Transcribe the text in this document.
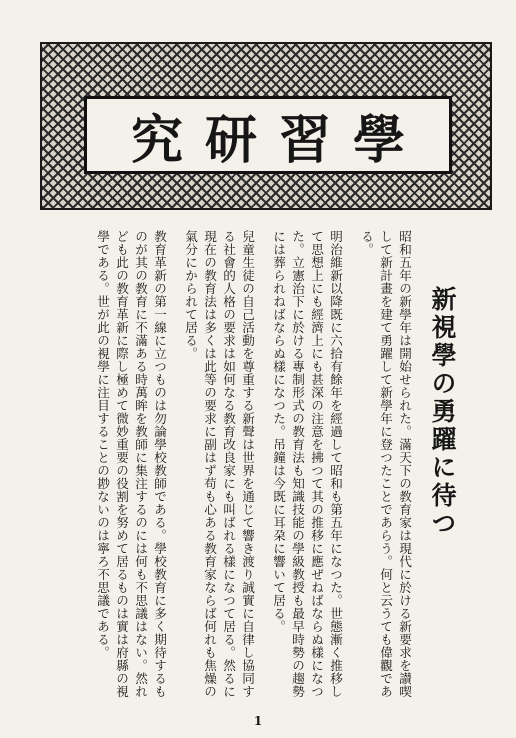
究研習學
新視學の勇躍に待つ

昭和五年の新學年は開始せられた。滿天下の教育家は現代に於ける新要求を讃喫して新計畫を建て勇躍して新學年に登つたことであらう。何と云うても偉觀である。

明治維新以降既に六拾有餘年を經過して昭和も第五年になつた。世態漸く推移して思想上にも經濟上にも甚深の注意を拂つて其の推移に應ぜねばならぬ樣になつた。立憲治下に於ける專制形式の教育法も知識技能の學級教授も最早時勢の趨勢には葬られねばならぬ樣になつた。吊鐘は今既に耳朶に響いて居る。

兒童生徒の自己活動を尊重する新聲は世界を通じて響き渡り誠實に自律し協同する社會的人格の要求は如何なる教育改良家にも叫ばれる樣になつて居る。然るに現在の教育法は多くは此等の要求に副はず苟も心ある教育家ならば何れも焦燥の氣分にかられて居る。

教育革新の第一線に立つものは勿論學校教師である。學校教育に多く期待するものが其の教育に不滿ある時萬眸を教師に集注するのには何も不思議はない。然れども此の教育革新に際し極めて微妙重要の役割を努めて居るものは實は府縣の視學である。世が此の視學に注目することの尠ないのは寧ろ不思議である。

1
